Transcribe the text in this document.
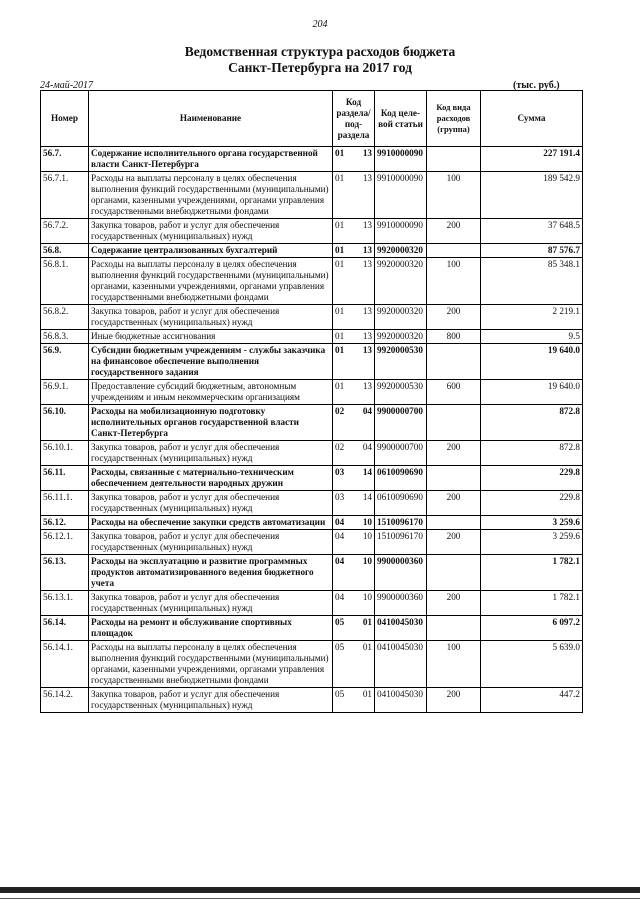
204
Ведомственная структура расходов бюджета
Санкт-Петербурга на 2017 год
24-май-2017	(тыс. руб.)
Номер	Наименование	Код раздела/ под-раздела		Код целе-вой статьи	Код вида расходов (группа)	Сумма
56.7.	Содержание исполнительного органа государственной власти Санкт-Петербурга	01	13	9910000090		227 191.4
56.7.1.	Расходы на выплаты персоналу в целях обеспечения выполнения функций государственными (муниципальными) органами, казенными учреждениями, органами управления государственными внебюджетными фондами	01	13	9910000090	100	189 542.9
56.7.2.	Закупка товаров, работ и услуг для обеспечения государственных (муниципальных) нужд	01	13	9910000090	200	37 648.5
56.8.	Содержание централизованных бухгалтерий	01	13	9920000320		87 576.7
56.8.1.	Расходы на выплаты персоналу в целях обеспечения выполнения функций государственными (муниципальными) органами, казенными учреждениями, органами управления государственными внебюджетными фондами	01	13	9920000320	100	85 348.1
56.8.2.	Закупка товаров, работ и услуг для обеспечения государственных (муниципальных) нужд	01	13	9920000320	200	2 219.1
56.8.3.	Иные бюджетные ассигнования	01	13	9920000320	800	9.5
56.9.	Субсидии бюджетным учреждениям - службы заказчика на финансовое обеспечение выполнения государственного задания	01	13	9920000530		19 640.0
56.9.1.	Предоставление субсидий бюджетным, автономным учреждениям и иным некоммерческим организациям	01	13	9920000530	600	19 640.0
56.10.	Расходы на мобилизационную подготовку исполнительных органов государственной власти Санкт-Петербурга	02	04	9900000700		872.8
56.10.1.	Закупка товаров, работ и услуг для обеспечения государственных (муниципальных) нужд	02	04	9900000700	200	872.8
56.11.	Расходы, связанные с материально-техническим обеспечением деятельности народных дружин	03	14	0610090690		229.8
56.11.1.	Закупка товаров, работ и услуг для обеспечения государственных (муниципальных) нужд	03	14	0610090690	200	229.8
56.12.	Расходы на обеспечение закупки средств автоматизации	04	10	1510096170		3 259.6
56.12.1.	Закупка товаров, работ и услуг для обеспечения государственных (муниципальных) нужд	04	10	1510096170	200	3 259.6
56.13.	Расходы на эксплуатацию и развитие программных продуктов автоматизированного ведения бюджетного учета	04	10	9900000360		1 782.1
56.13.1.	Закупка товаров, работ и услуг для обеспечения государственных (муниципальных) нужд	04	10	9900000360	200	1 782.1
56.14.	Расходы на ремонт и обслуживание спортивных площадок	05	01	0410045030		6 097.2
56.14.1.	Расходы на выплаты персоналу в целях обеспечения выполнения функций государственными (муниципальными) органами, казенными учреждениями, органами управления государственными внебюджетными фондами	05	01	0410045030	100	5 639.0
56.14.2.	Закупка товаров, работ и услуг для обеспечения государственных (муниципальных) нужд	05	01	0410045030	200	447.2
